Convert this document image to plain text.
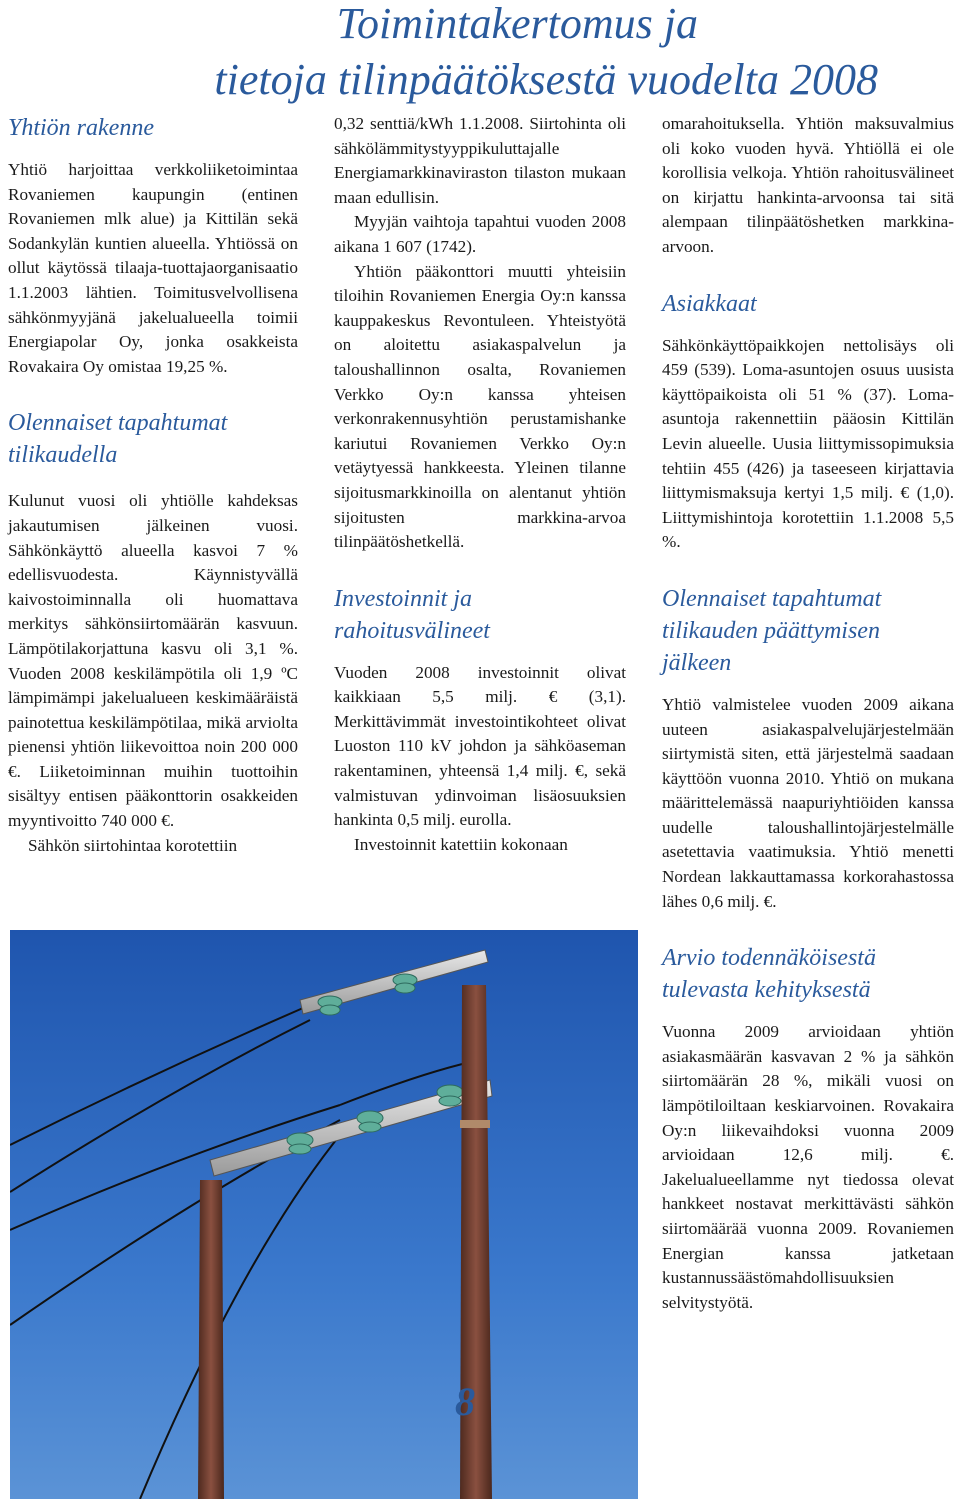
Toimintakertomus ja
tietoja tilinpäätöksestä vuodelta 2008
Yhtiön rakenne

Yhtiö harjoittaa verkkoliiketoimintaa Rovaniemen kaupungin (entinen Rovaniemen mlk alue) ja Kittilän sekä Sodankylän kuntien alueella. Yhtiössä on ollut käytössä tilaaja-tuottajaorganisaatio 1.1.2003 lähtien. Toimitusvelvollisena sähkönmyyjänä jakelualueella toimii Energiapolar Oy, jonka osakkeista Rovakaira Oy omistaa 19,25 %.

Olennaiset tapahtumat tilikaudella

Kulunut vuosi oli yhtiölle kahdeksas jakautumisen jälkeinen vuosi. Sähkönkäyttö alueella kasvoi 7 % edellisvuodesta. Käynnistyvällä kaivostoiminnalla oli huomattava merkitys sähkönsiirtomäärän kasvuun. Lämpötilakorjattuna kasvu oli 3,1 %. Vuoden 2008 keskilämpötila oli 1,9 ºC lämpimämpi jakelualueen keskimääräistä painotettua keskilämpötilaa, mikä arviolta pienensi yhtiön liikevoittoa noin 200 000 €. Liiketoiminnan muihin tuottoihin sisältyy entisen pääkonttorin osakkeiden myyntivoitto 740 000 €.

Sähkön siirtohintaa korotettiin

0,32 senttiä/kWh 1.1.2008. Siirtohinta oli sähkölämmitystyyppikuluttajalle Energiamarkkinaviraston tilaston mukaan maan edullisin.

Myyjän vaihtoja tapahtui vuoden 2008 aikana 1 607 (1742).

Yhtiön pääkonttori muutti yhteisiin tiloihin Rovaniemen Energia Oy:n kanssa kauppakeskus Revontuleen. Yhteistyötä on aloitettu asiakaspalvelun ja taloushallinnon osalta, Rovaniemen Verkko Oy:n kanssa yhteisen verkonrakennusyhtiön perustamishanke kariutui Rovaniemen Verkko Oy:n vetäytyessä hankkeesta. Yleinen tilanne sijoitusmarkkinoilla on alentanut yhtiön sijoitusten markkina-arvoa tilinpäätöshetkellä.

Investoinnit ja rahoitusvälineet

Vuoden 2008 investoinnit olivat kaikkiaan 5,5 milj. € (3,1). Merkittävimmät investointikohteet olivat Luoston 110 kV johdon ja sähköaseman rakentaminen, yhteensä 1,4 milj. €, sekä valmistuvan ydinvoiman lisäosuuksien hankinta 0,5 milj. eurolla.

Investoinnit katettiin kokonaan

omarahoituksella. Yhtiön maksuvalmius oli koko vuoden hyvä. Yhtiöllä ei ole korollisia velkoja. Yhtiön rahoitusvälineet on kirjattu hankinta-arvoonsa tai sitä alempaan tilinpäätöshetken markkina-arvoon.

Asiakkaat

Sähkönkäyttöpaikkojen nettolisäys oli 459 (539). Loma-asuntojen osuus uusista käyttöpaikoista oli 51 % (37). Loma-asuntoja rakennettiin pääosin Kittilän Levin alueelle. Uusia liittymissopimuksia tehtiin 455 (426) ja taseeseen kirjattavia liittymismaksuja kertyi 1,5 milj. € (1,0). Liittymishintoja korotettiin 1.1.2008 5,5 %.

Olennaiset tapahtumat tilikauden päättymisen jälkeen

Yhtiö valmistelee vuoden 2009 aikana uuteen asiakaspalvelujärjestelmään siirtymistä siten, että järjestelmä saadaan käyttöön vuonna 2010. Yhtiö on mukana määrittelemässä naapuriyhtiöiden kanssa uudelle taloushallintojärjestelmälle asetettavia vaatimuksia. Yhtiö menetti Nordean lakkauttamassa korkorahastossa lähes 0,6 milj. €.

Arvio todennäköisestä tulevasta kehityksestä

Vuonna 2009 arvioidaan yhtiön asiakasmäärän kasvavan 2 % ja sähkön siirtomäärän 28 %, mikäli vuosi on lämpötiloiltaan keskiarvoinen. Rovakaira Oy:n liikevaihdoksi vuonna 2009 arvioidaan 12,6 milj. €. Jakelualueellamme nyt tiedossa olevat hankkeet nostavat merkittävästi sähkön siirtomäärää vuonna 2009. Rovaniemen Energian kanssa jatketaan kustannussäästömahdollisuuksien selvitystyötä.

8
